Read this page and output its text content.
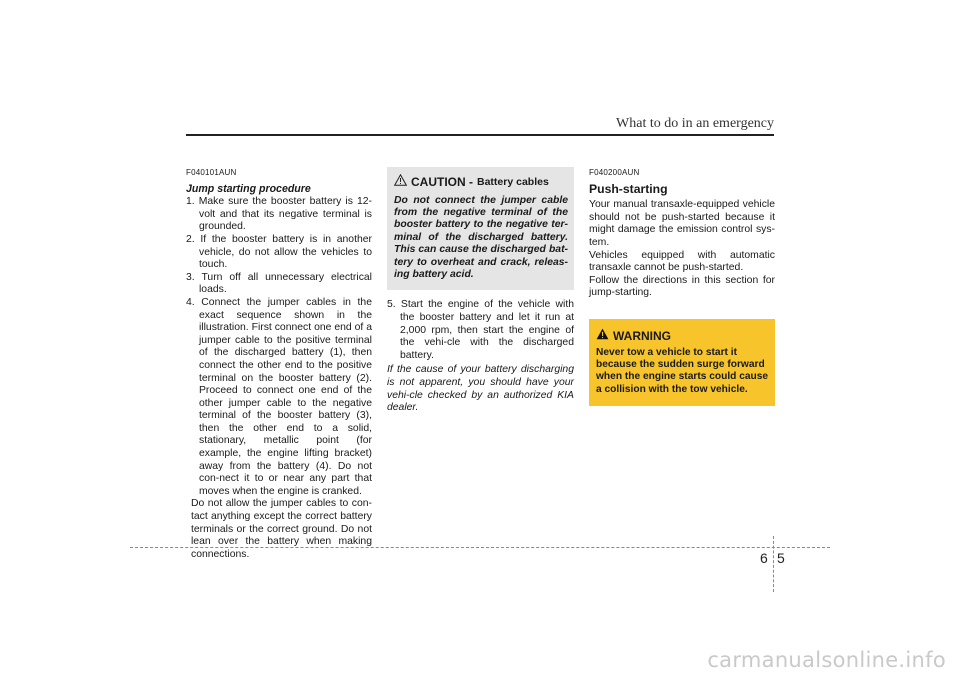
What to do in an emergency
F040101AUN
Jump starting procedure
1. Make sure the booster battery is 12-volt and that its negative terminal is grounded.
2. If the booster battery is in another vehicle, do not allow the vehicles to touch.
3. Turn off all unnecessary electrical loads.
4. Connect the jumper cables in the exact sequence shown in the illustration. First connect one end of a jumper cable to the positive terminal of the discharged battery (1), then connect the other end to the positive terminal on the booster battery (2). Proceed to connect one end of the other jumper cable to the negative terminal of the booster battery (3), then the other end to a solid, stationary, metallic point (for example, the engine lifting bracket) away from the battery (4). Do not con-nect it to or near any part that moves when the engine is cranked.

Do not allow the jumper cables to con-tact anything except the correct battery terminals or the correct ground. Do not lean over the battery when making connections.

CAUTION - Battery cables
Do not connect the jumper cable from the negative terminal of the booster battery to the negative ter-minal of the discharged battery. This can cause the discharged bat-tery to overheat and crack, releas-ing battery acid.
5. Start the engine of the vehicle with the booster battery and let it run at 2,000 rpm, then start the engine of the vehi-cle with the discharged battery.

If the cause of your battery discharging is not apparent, you should have your vehi-cle checked by an authorized KIA dealer.

F040200AUN
Push-starting

Your manual transaxle-equipped vehicle should not be push-started because it might damage the emission control sys-tem.

Vehicles equipped with automatic transaxle cannot be push-started.

Follow the directions in this section for jump-starting.

WARNING
Never tow a vehicle to start it because the sudden surge forward when the engine starts could cause a collision with the tow vehicle.
6 5
carmanualsonline.info
